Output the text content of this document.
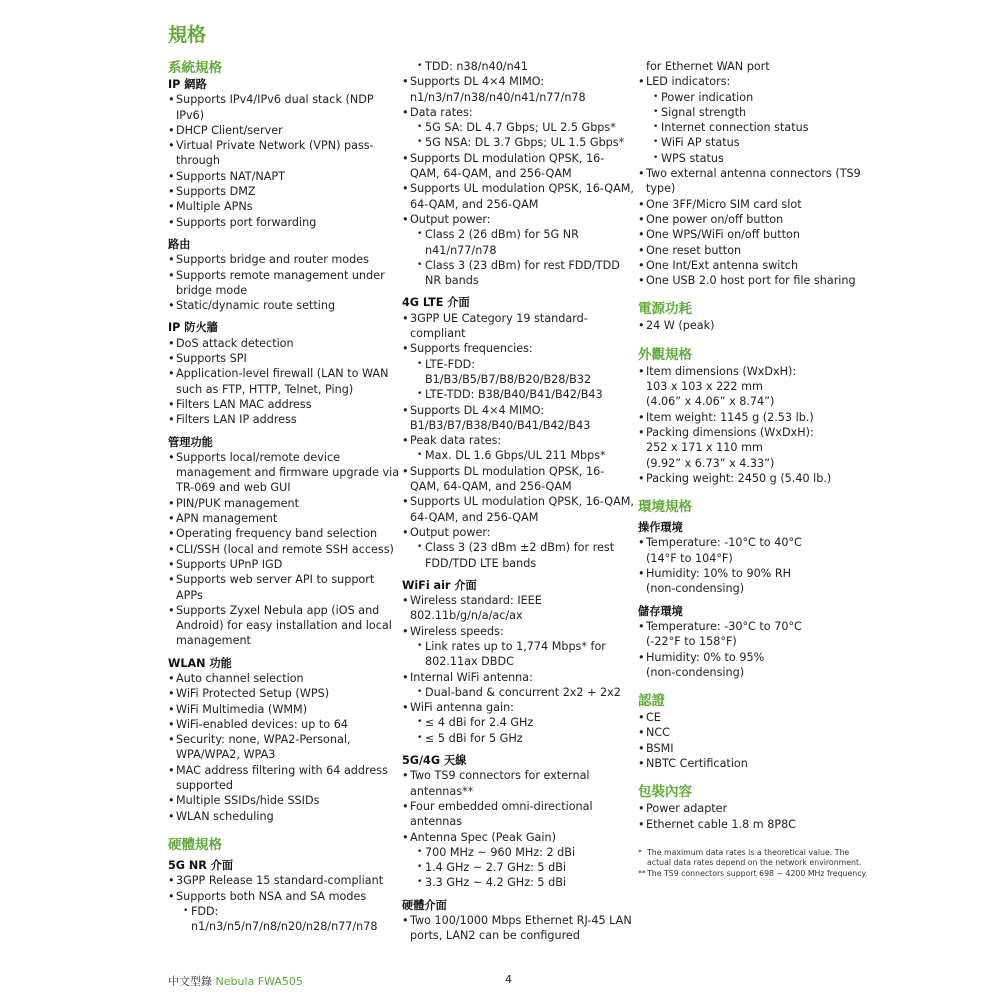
規格
系統規格
IP 網路
• Supports IPv4/IPv6 dual stack (NDP IPv6)
• DHCP Client/server
• Virtual Private Network (VPN) pass-through
• Supports NAT/NAPT
• Supports DMZ
• Multiple APNs
• Supports port forwarding
路由
• Supports bridge and router modes
• Supports remote management under bridge mode
• Static/dynamic route setting
IP 防火牆
• DoS attack detection
• Supports SPI
• Application-level firewall (LAN to WAN such as FTP, HTTP, Telnet, Ping)
• Filters LAN MAC address
• Filters LAN IP address
管理功能
• Supports local/remote device management and firmware upgrade via TR-069 and web GUI
• PIN/PUK management
• APN management
• Operating frequency band selection
• CLI/SSH (local and remote SSH access)
• Supports UPnP IGD
• Supports web server API to support APPs
• Supports Zyxel Nebula app (iOS and Android) for easy installation and local management
WLAN 功能
• Auto channel selection
• WiFi Protected Setup (WPS)
• WiFi Multimedia (WMM)
• WiFi-enabled devices: up to 64
• Security: none, WPA2-Personal, WPA/WPA2, WPA3
• MAC address filtering with 64 address supported
• Multiple SSIDs/hide SSIDs
• WLAN scheduling
硬體規格
5G NR 介面
• 3GPP Release 15 standard-compliant
• Supports both NSA and SA modes
• FDD: n1/n3/n5/n7/n8/n20/n28/n77/n78
• TDD: n38/n40/n41
• Supports DL 4×4 MIMO: n1/n3/n7/n38/n40/n41/n77/n78
• Data rates:
• 5G SA: DL 4.7 Gbps; UL 2.5 Gbps*
• 5G NSA: DL 3.7 Gbps; UL 1.5 Gbps*
• Supports DL modulation QPSK, 16-QAM, 64-QAM, and 256-QAM
• Supports UL modulation QPSK, 16-QAM, 64-QAM, and 256-QAM
• Output power:
• Class 2 (26 dBm) for 5G NR n41/n77/n78
• Class 3 (23 dBm) for rest FDD/TDD NR bands
4G LTE 介面
• 3GPP UE Category 19 standard-compliant
• Supports frequencies:
• LTE-FDD: B1/B3/B5/B7/B8/B20/B28/B32
• LTE-TDD: B38/B40/B41/B42/B43
• Supports DL 4×4 MIMO: B1/B3/B7/B38/B40/B41/B42/B43
• Peak data rates:
• Max. DL 1.6 Gbps/UL 211 Mbps*
• Supports DL modulation QPSK, 16-QAM, 64-QAM, and 256-QAM
• Supports UL modulation QPSK, 16-QAM, 64-QAM, and 256-QAM
• Output power:
• Class 3 (23 dBm ±2 dBm) for rest FDD/TDD LTE bands
WiFi air 介面
• Wireless standard: IEEE 802.11b/g/n/a/ac/ax
• Wireless speeds:
• Link rates up to 1,774 Mbps* for 802.11ax DBDC
• Internal WiFi antenna:
• Dual-band & concurrent 2x2 + 2x2
• WiFi antenna gain:
• ≤ 4 dBi for 2.4 GHz
• ≤ 5 dBi for 5 GHz
5G/4G 天線
• Two TS9 connectors for external antennas**
• Four embedded omni-directional antennas
• Antenna Spec (Peak Gain)
• 700 MHz ~ 960 MHz: 2 dBi
• 1.4 GHz ~ 2.7 GHz: 5 dBi
• 3.3 GHz ~ 4.2 GHz: 5 dBi
硬體介面
• Two 100/1000 Mbps Ethernet RJ-45 LAN ports, LAN2 can be configured
for Ethernet WAN port
• LED indicators:
• Power indication
• Signal strength
• Internet connection status
• WiFi AP status
• WPS status
• Two external antenna connectors (TS9 type)
• One 3FF/Micro SIM card slot
• One power on/off button
• One WPS/WiFi on/off button
• One reset button
• One Int/Ext antenna switch
• One USB 2.0 host port for file sharing
電源功耗
• 24 W (peak)
外觀規格
• Item dimensions (WxDxH):
103 x 103 x 222 mm
(4.06” x 4.06” x 8.74”)
• Item weight: 1145 g (2.53 lb.)
• Packing dimensions (WxDxH):
252 x 171 x 110 mm
(9.92” x 6.73” x 4.33”)
• Packing weight: 2450 g (5.40 lb.)
環境規格
操作環境
• Temperature: -10°C to 40°C
(14°F to 104°F)
• Humidity: 10% to 90% RH
(non-condensing)
儲存環境
• Temperature: -30°C to 70°C
(-22°F to 158°F)
• Humidity: 0% to 95%
(non-condensing)
認證
• CE
• NCC
• BSMI
• NBTC Certification
包裝內容
• Power adapter
• Ethernet cable 1.8 m 8P8C
* The maximum data rates is a theoretical value. The actual data rates depend on the network environment.
** The TS9 connectors support 698 ~ 4200 MHz frequency.
中文型錄 Nebula FWA505	4
